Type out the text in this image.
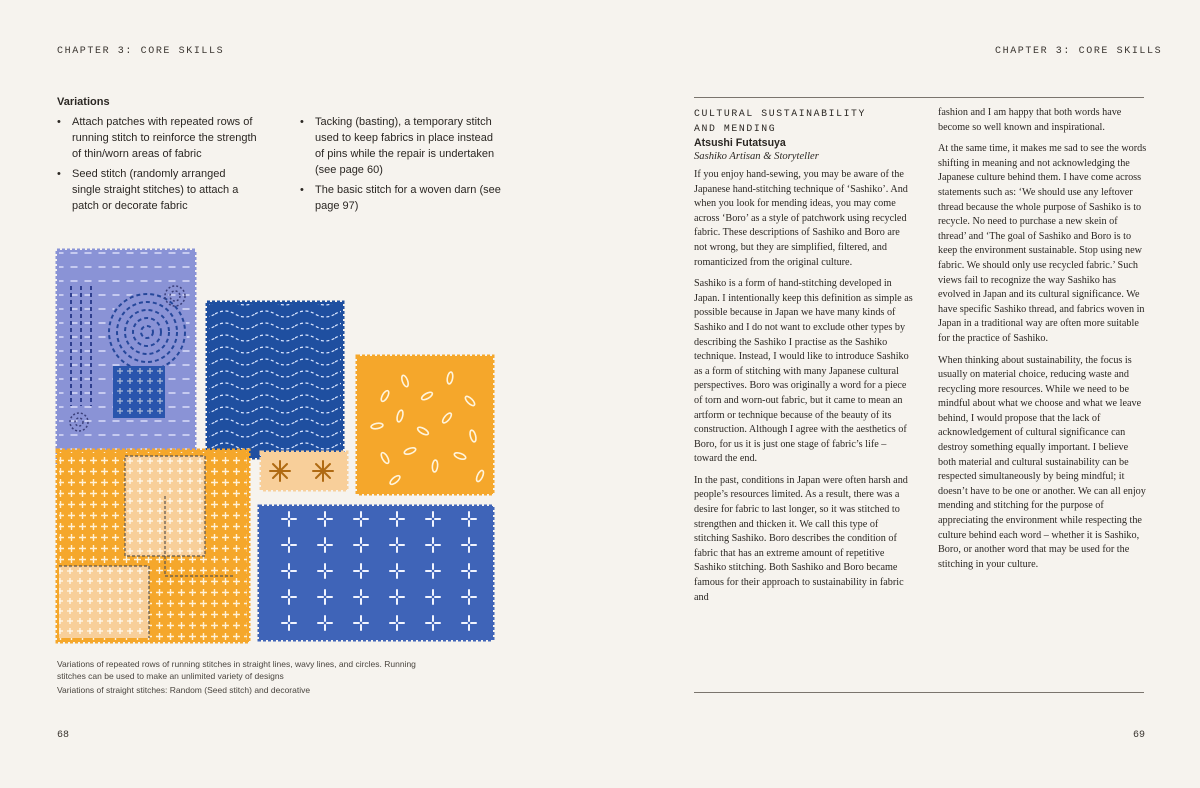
CHAPTER 3: CORE SKILLS
Variations
• Attach patches with repeated rows of running stitch to reinforce the strength of thin/worn areas of fabric
• Seed stitch (randomly arranged single straight stitches) to attach a patch or decorate fabric
• Tacking (basting), a temporary stitch used to keep fabrics in place instead of pins while the repair is undertaken (see page 60)
• The basic stitch for a woven darn (see page 97)
Variations of repeated rows of running stitches in straight lines, wavy lines, and circles. Running stitches can be used to make an unlimited variety of designs
Variations of straight stitches: Random (Seed stitch) and decorative
68
CHAPTER 3: CORE SKILLS
CULTURAL SUSTAINABILITY
AND MENDING
Atsushi Futatsuya
Sashiko Artisan & Storyteller

If you enjoy hand-sewing, you may be aware of the Japanese hand-stitching technique of ‘Sashiko’. And when you look for mending ideas, you may come across ‘Boro’ as a style of patchwork using recycled fabric. These descriptions of Sashiko and Boro are not wrong, but they are simplified, filtered, and romanticized from the original culture.

Sashiko is a form of hand-stitching developed in Japan. I intentionally keep this definition as simple as possible because in Japan we have many kinds of Sashiko and I do not want to exclude other types by describing the Sashiko I practise as the Sashiko technique. Instead, I would like to introduce Sashiko as a form of stitching with many Japanese cultural perspectives. Boro was originally a word for a piece of torn and worn-out fabric, but it came to mean an artform or technique because of the beauty of its construction. Although I agree with the aesthetics of Boro, for us it is just one stage of fabric’s life – toward the end.

In the past, conditions in Japan were often harsh and people’s resources limited. As a result, there was a desire for fabric to last longer, so it was stitched to strengthen and thicken it. We call this type of stitching Sashiko. Boro describes the condition of fabric that has an extreme amount of repetitive Sashiko stitching. Both Sashiko and Boro became famous for their approach to sustainability in fabric and

fashion and I am happy that both words have become so well known and inspirational.

At the same time, it makes me sad to see the words shifting in meaning and not acknowledging the Japanese culture behind them. I have come across statements such as: ‘We should use any leftover thread because the whole purpose of Sashiko is to recycle. No need to purchase a new skein of thread’ and ‘The goal of Sashiko and Boro is to keep the environment sustainable. Stop using new fabric. We should only use recycled fabric.’ Such views fail to recognize the way Sashiko has evolved in Japan and its cultural significance. We have specific Sashiko thread, and fabrics woven in Japan in a traditional way are often more suitable for the practice of Sashiko.

When thinking about sustainability, the focus is usually on material choice, reducing waste and recycling more resources. While we need to be mindful about what we choose and what we leave behind, I would propose that the lack of acknowledgement of cultural significance can destroy something equally important. I believe both material and cultural sustainability can be respected simultaneously by being mindful; it doesn’t have to be one or another. We can all enjoy mending and stitching for the purpose of appreciating the environment while respecting the culture behind each word – whether it is Sashiko, Boro, or another word that may be used for the stitching in your culture.

69
